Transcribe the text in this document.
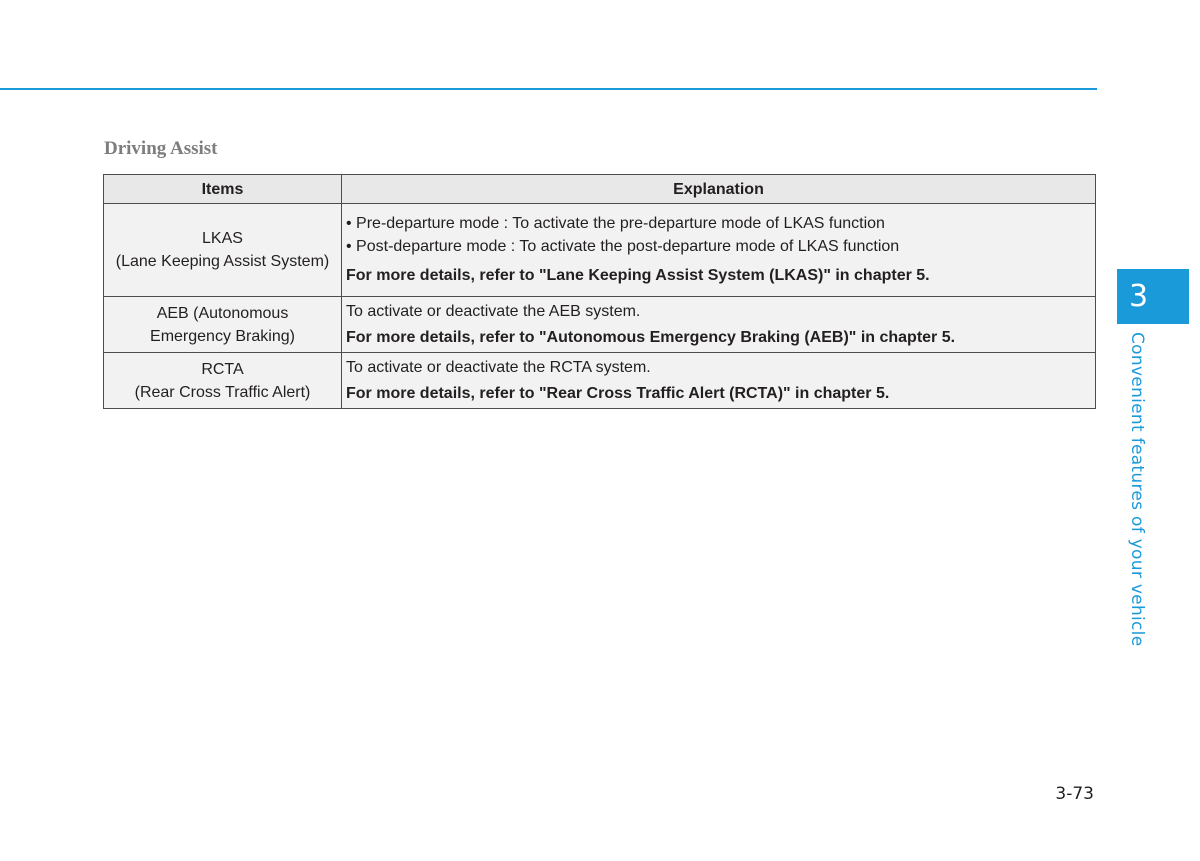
Driving Assist
Items	Explanation

LKAS
(Lane Keeping Assist System)	• Pre-departure mode : To activate the pre-departure mode of LKAS function
• Post-departure mode : To activate the post-departure mode of LKAS function
For more details, refer to "Lane Keeping Assist System (LKAS)" in chapter 5.

AEB (Autonomous
Emergency Braking)	To activate or deactivate the AEB system.
For more details, refer to "Autonomous Emergency Braking (AEB)" in chapter 5.

RCTA
(Rear Cross Traffic Alert)	To activate or deactivate the RCTA system.
For more details, refer to "Rear Cross Traffic Alert (RCTA)" in chapter 5.
3
Convenient features of your vehicle
3-73
